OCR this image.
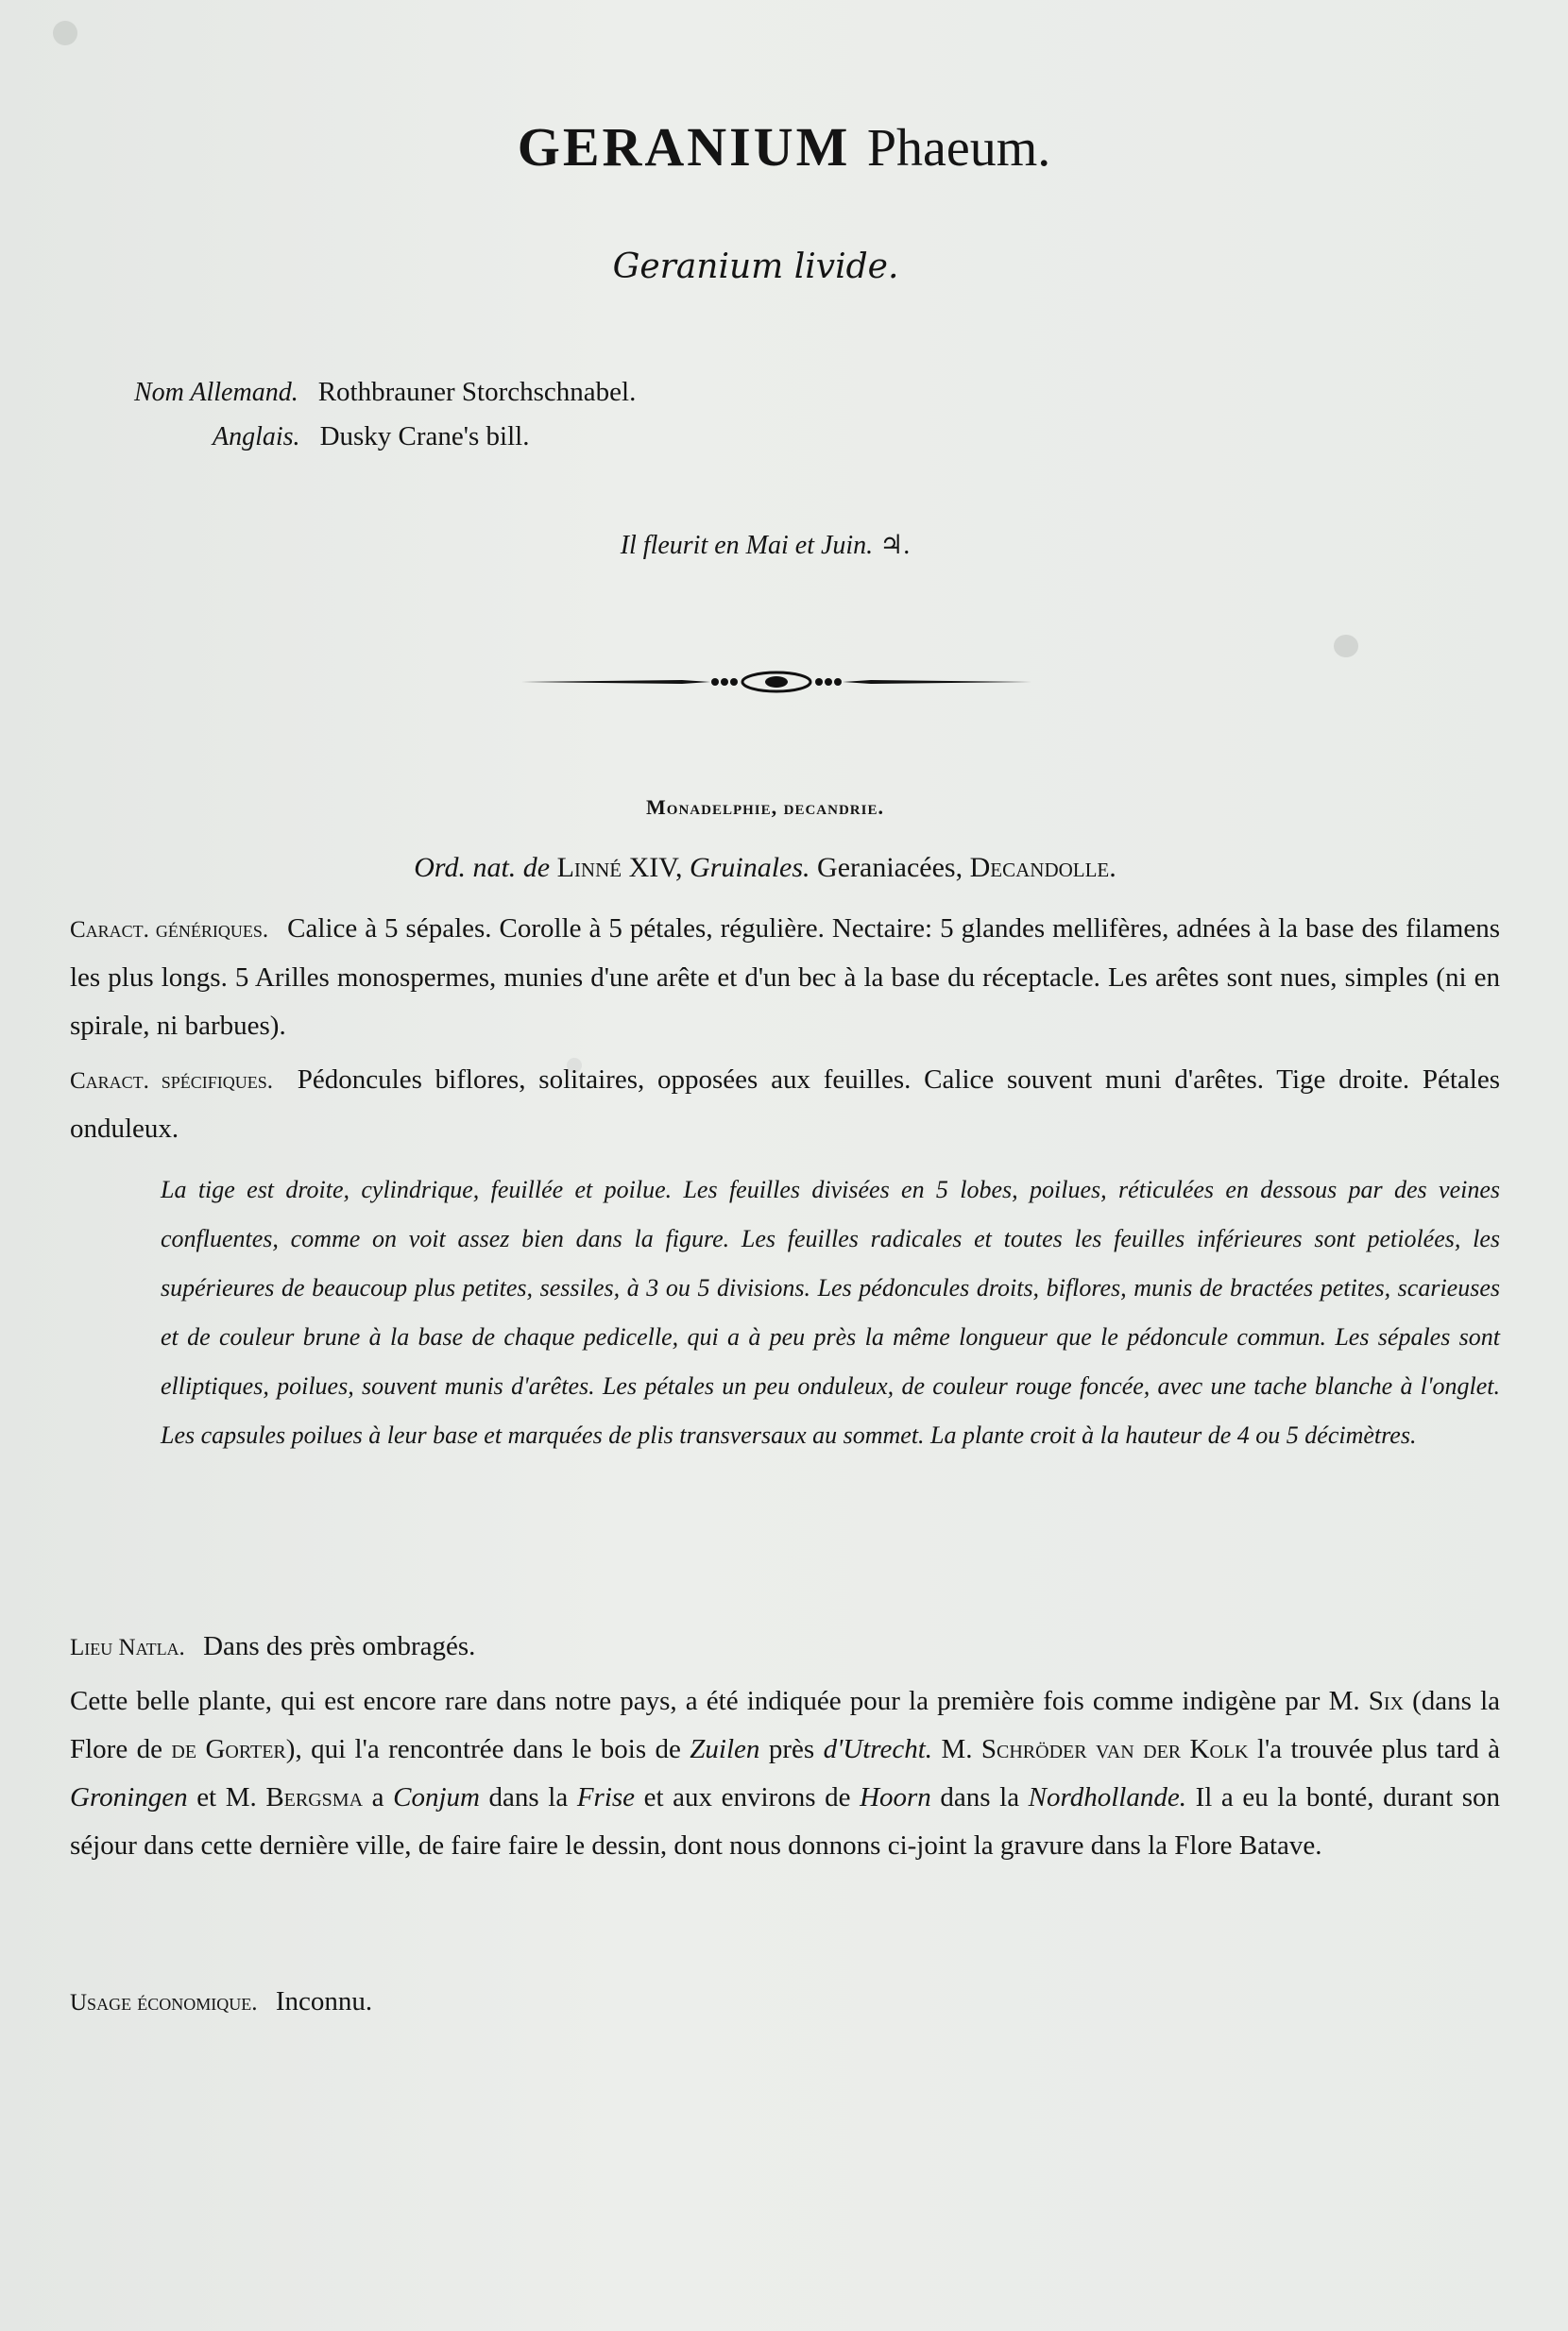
GERANIUM Phaeum.
Geranium livide.
Nom Allemand. Rothbrauner Storchschnabel.
Anglais. Dusky Crane's bill.
Il fleurit en Mai et Juin. ♃.
Monadelphie, decandrie.
Ord. nat. de Linné XIV, Gruinales. Geraniacées, Decandolle.
Caract. génériques. Calice à 5 sépales. Corolle à 5 pétales, régulière. Nectaire: 5 glandes mellifères, adnées à la base des filamens les plus longs. 5 Arilles monospermes, munies d'une arête et d'un bec à la base du réceptacle. Les arêtes sont nues, simples (ni en spirale, ni barbues).
Caract. spécifiques. Pédoncules biflores, solitaires, opposées aux feuilles. Calice souvent muni d'arêtes. Tige droite. Pétales onduleux.
La tige est droite, cylindrique, feuillée et poilue. Les feuilles divisées en 5 lobes, poilues, réticulées en dessous par des veines confluentes, comme on voit assez bien dans la figure. Les feuilles radicales et toutes les feuilles inférieures sont petiolées, les supérieures de beaucoup plus petites, sessiles, à 3 ou 5 divisions. Les pédoncules droits, biflores, munis de bractées petites, scarieuses et de couleur brune à la base de chaque pedicelle, qui a à peu près la même longueur que le pédoncule commun. Les sépales sont elliptiques, poilues, souvent munis d'arêtes. Les pétales un peu onduleux, de couleur rouge foncée, avec une tache blanche à l'onglet. Les capsules poilues à leur base et marquées de plis transversaux au sommet. La plante croit à la hauteur de 4 ou 5 décimètres.
Lieu Natla. Dans des près ombragés.
Cette belle plante, qui est encore rare dans notre pays, a été indiquée pour la première fois comme indigène par M. Six (dans la Flore de de Gorter), qui l'a rencontrée dans le bois de Zuilen près d'Utrecht. M. Schröder van der Kolk l'a trouvée plus tard à Groningen et M. Bergsma a Conjum dans la Frise et aux environs de Hoorn dans la Nordhollande. Il a eu la bonté, durant son séjour dans cette dernière ville, de faire faire le dessin, dont nous donnons ci-joint la gravure dans la Flore Batave.
Usage économique. Inconnu.
